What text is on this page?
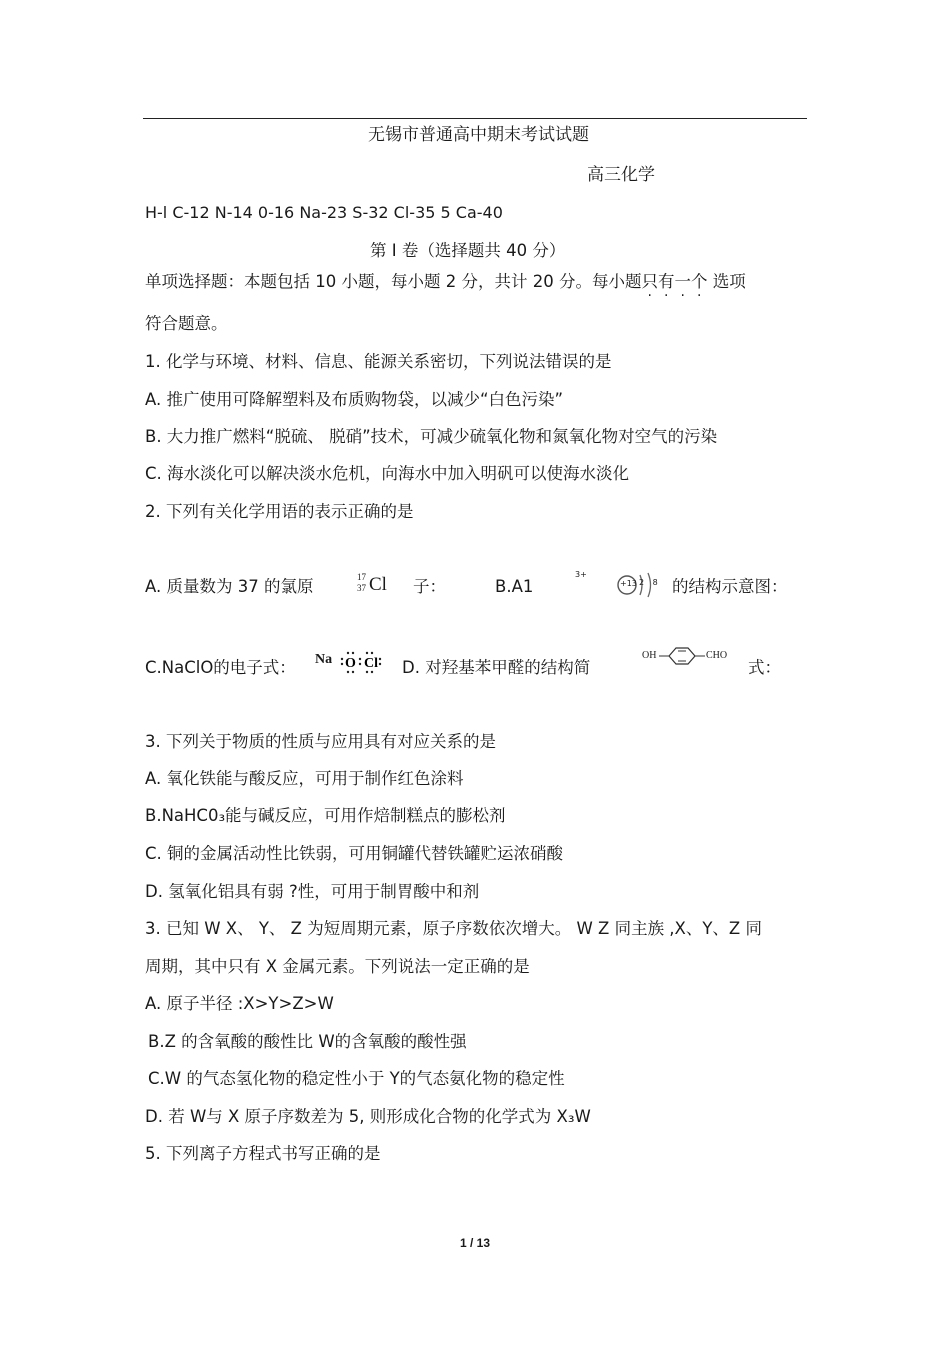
无锡市普通高中期末考试试题
高三化学
H-l C-12 N-14 0-16 Na-23 S-32 Cl-35 5 Ca-40
第 I 卷（选择题共 40 分）
单项选择题：本题包括 10 小题，每小题 2 分，共计 20 分。每小题只有一个 选项
符合题意。
1. 化学与环境、材料、信息、能源关系密切，下列说法错误的是
A. 推广使用可降解塑料及布质购物袋，以减少“白色污染”
B. 大力推广燃料“脱硫、 脱硝”技术，可减少硫氧化物和氮氧化物对空气的污染
C. 海水淡化可以解决淡水危机，向海水中加入明矾可以使海水淡化
2. 下列有关化学用语的表示正确的是
A. 质量数为 37 的氯原	17
37 Cl 子：	B.A1
3+
+13 2 8 的结构示意图：
C.NaClO的电子式： Na O Cl D. 对羟基苯甲醛的结构简
OH	CHO
式：
3. 下列关于物质的性质与应用具有对应关系的是
A. 氧化铁能与酸反应，可用于制作红色涂料
B.NaHC0₃能与碱反应，可用作焙制糕点的膨松剂
C. 铜的金属活动性比铁弱，可用铜罐代替铁罐贮运浓硝酸
D. 氢氧化铝具有弱 ?性，可用于制胃酸中和剂
3. 已知 W X、 Y、 Z 为短周期元素，原子序数依次增大。 W Z 同主族 ,X、Y、Z 同
周期，其中只有 X 金属元素。下列说法一定正确的是
A. 原子半径 :X>Y>Z>W
B.Z 的含氧酸的酸性比 W的含氧酸的酸性强
C.W 的气态氢化物的稳定性小于 Y的气态氨化物的稳定性
D. 若 W与 X 原子序数差为 5, 则形成化合物的化学式为 X₃W
5. 下列离子方程式书写正确的是
1 / 13
